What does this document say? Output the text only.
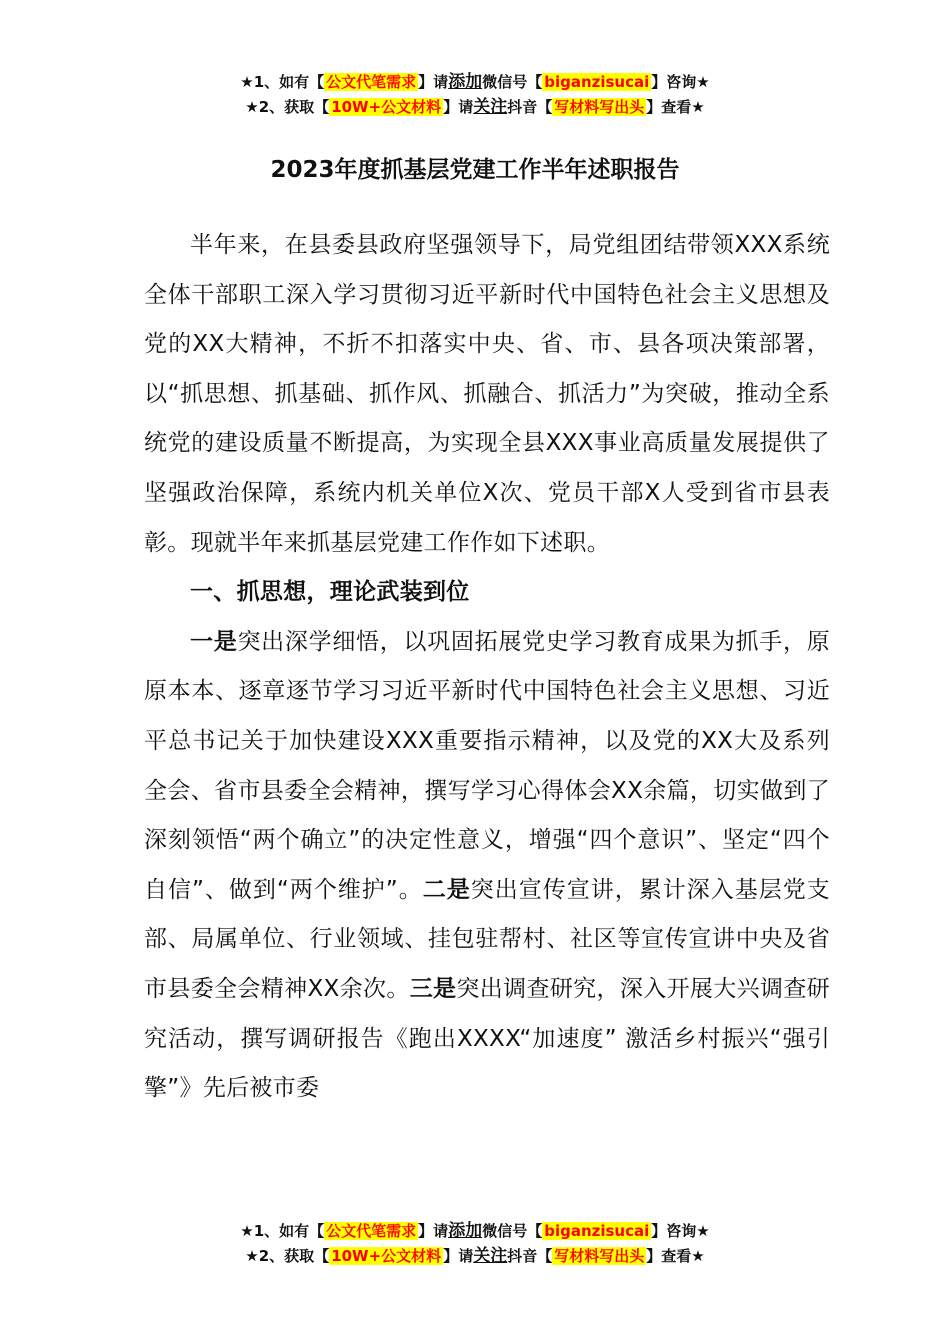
★1、如有【 公文代笔需求 】请添加微信号【 biganzisucai 】咨询★
★2、获取【 10W+公文材料 】请关注抖音【 写材料写出头 】查看★
2023年度抓基层党建工作半年述职报告

半年来，在县委县政府坚强领导下，局党组团结带领XXX系统全体干部职工深入学习贯彻习近平新时代中国特色社会主义思想及党的XX大精神，不折不扣落实中央、省、市、县各项决策部署，以“抓思想、抓基础、抓作风、抓融合、抓活力”为突破，推动全系统党的建设质量不断提高，为实现全县XXX事业高质量发展提供了坚强政治保障，系统内机关单位X次、党员干部X人受到省市县表彰。现就半年来抓基层党建工作作如下述职。

一、抓思想，理论武装到位

一是突出深学细悟，以巩固拓展党史学习教育成果为抓手，原原本本、逐章逐节学习习近平新时代中国特色社会主义思想、习近平总书记关于加快建设XXX重要指示精神，以及党的XX大及系列全会、省市县委全会精神，撰写学习心得体会XX余篇，切实做到了深刻领悟“两个确立”的决定性意义，增强“四个意识”、坚定“四个自信”、做到“两个维护”。二是突出宣传宣讲，累计深入基层党支部、局属单位、行业领域、挂包驻帮村、社区等宣传宣讲中央及省市县委全会精神XX余次。三是突出调查研究，深入开展大兴调查研究活动，撰写调研报告《跑出XXXX“加速度” 激活乡村振兴“强引擎”》先后被市委

★1、如有【 公文代笔需求 】请添加微信号【 biganzisucai 】咨询★
★2、获取【 10W+公文材料 】请关注抖音【 写材料写出头 】查看★
